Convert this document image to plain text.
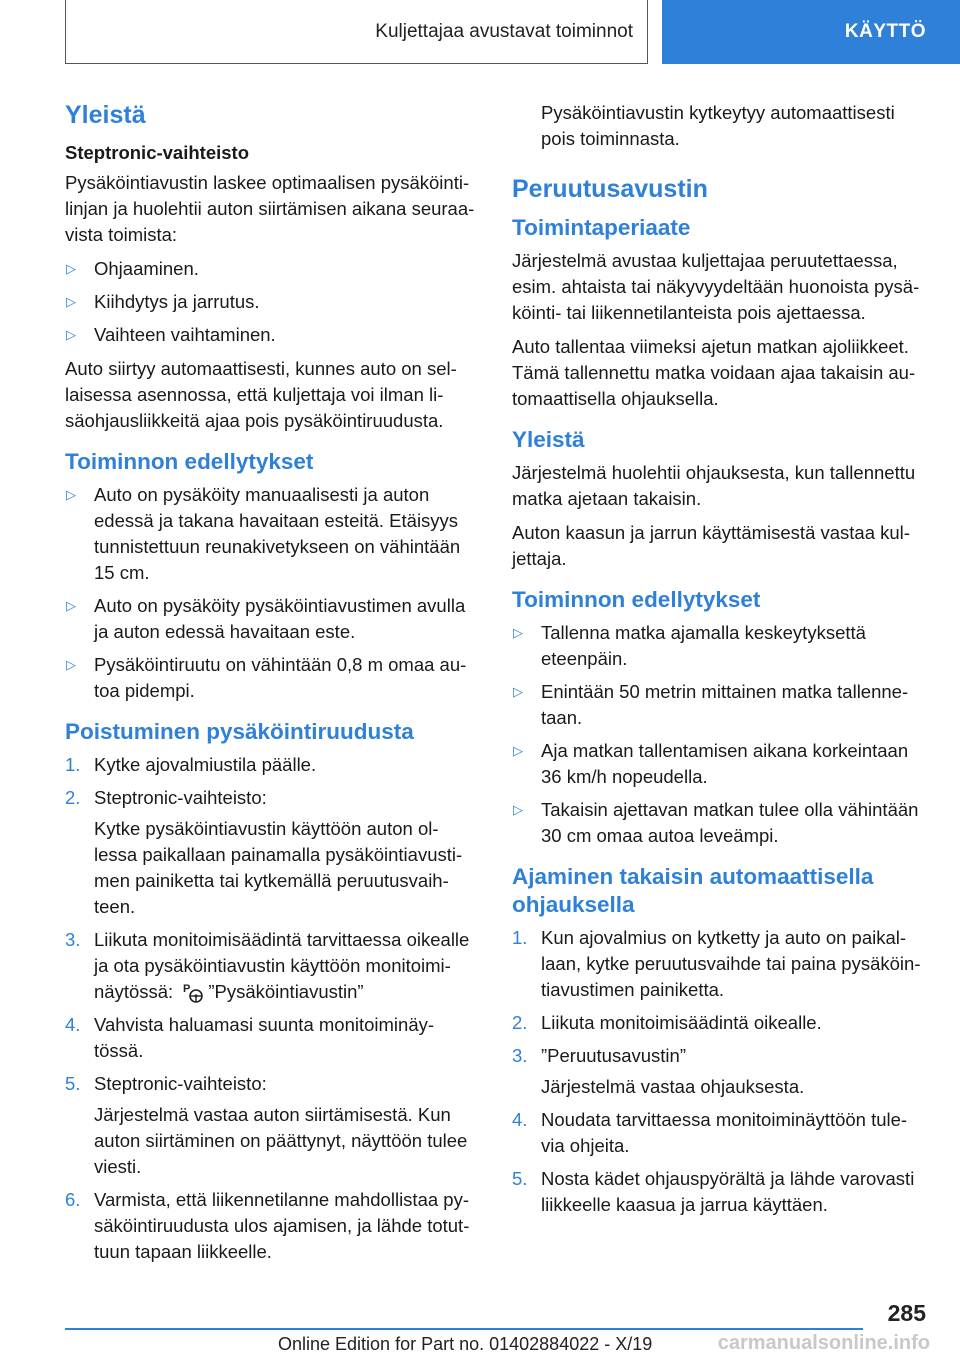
Kuljettajaa avustavat toiminnot	KÄYTTÖ
Yleistä
Steptronic-vaihteisto

Pysäköintiavustin laskee optimaalisen pysäköinti-linjan ja huolehtii auton siirtämisen aikana seuraa-vista toimista:

▷ Ohjaaminen.
▷ Kiihdytys ja jarrutus.
▷ Vaihteen vaihtaminen.

Auto siirtyy automaattisesti, kunnes auto on sel-laisessa asennossa, että kuljettaja voi ilman li-säohjausliikkeitä ajaa pois pysäköintiruudusta.

Toiminnon edellytykset
▷ Auto on pysäköity manuaalisesti ja auton edessä ja takana havaitaan esteitä. Etäisyys tunnistettuun reunakivetykseen on vähintään 15 cm.
▷ Auto on pysäköity pysäköintiavustimen avulla ja auton edessä havaitaan este.
▷ Pysäköintiruutu on vähintään 0,8 m omaa au-toa pidempi.
Poistuminen pysäköintiruudusta
1. Kytke ajovalmiustila päälle.
2. Steptronic-vaihteisto:

Kytke pysäköintiavustin käyttöön auton ol-lessa paikallaan painamalla pysäköintiavusti-men painiketta tai kytkemällä peruutusvaih-teen.

3. Liikuta monitoimisäädintä tarvittaessa oikealle ja ota pysäköintiavustin käyttöön monitoimi-näytössä: P ”Pysäköintiavustin”
4. Vahvista haluamasi suunta monitoiminäy-tössä.
5. Steptronic-vaihteisto:

Järjestelmä vastaa auton siirtämisestä. Kun auton siirtäminen on päättynyt, näyttöön tulee viesti.

6. Varmista, että liikennetilanne mahdollistaa py-säköintiruudusta ulos ajamisen, ja lähde totut-tuun tapaan liikkeelle.

Pysäköintiavustin kytkeytyy automaattisesti pois toiminnasta.

Peruutusavustin
Toimintaperiaate

Järjestelmä avustaa kuljettajaa peruutettaessa, esim. ahtaista tai näkyvyydeltään huonoista pysä-köinti- tai liikennetilanteista pois ajettaessa.

Auto tallentaa viimeksi ajetun matkan ajoliikkeet. Tämä tallennettu matka voidaan ajaa takaisin au-tomaattisella ohjauksella.

Yleistä

Järjestelmä huolehtii ohjauksesta, kun tallennettu matka ajetaan takaisin.

Auton kaasun ja jarrun käyttämisestä vastaa kul-jettaja.

Toiminnon edellytykset
▷ Tallenna matka ajamalla keskeytyksettä eteenpäin.
▷ Enintään 50 metrin mittainen matka tallenne-taan.
▷ Aja matkan tallentamisen aikana korkeintaan 36 km/h nopeudella.
▷ Takaisin ajettavan matkan tulee olla vähintään 30 cm omaa autoa leveämpi.
Ajaminen takaisin automaattisella ohjauksella
1. Kun ajovalmius on kytketty ja auto on paikal-laan, kytke peruutusvaihde tai paina pysäköin-tiavustimen painiketta.
2. Liikuta monitoimisäädintä oikealle.
3. ”Peruutusavustin”

Järjestelmä vastaa ohjauksesta.

4. Noudata tarvittaessa monitoiminäyttöön tule-via ohjeita.
5. Nosta kädet ohjauspyörältä ja lähde varovasti liikkeelle kaasua ja jarrua käyttäen.
285
Online Edition for Part no. 01402884022 - X/19	carmanualsonline.info
